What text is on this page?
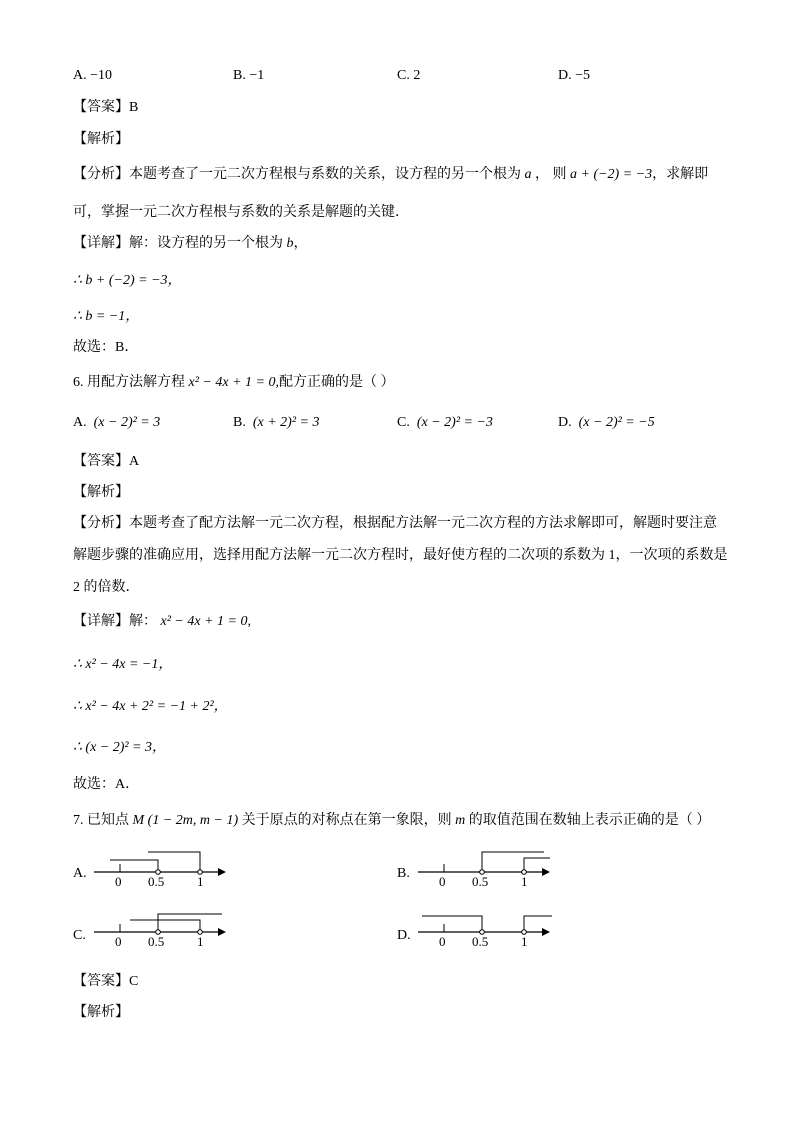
A. −10	B. −1	C. 2	D. −5
【答案】B
【解析】
【分析】本题考查了一元二次方程根与系数的关系，设方程的另一个根为 a ， 则 a + (−2) = −3，求解即
可，掌握一元二次方程根与系数的关系是解题的关键．
【详解】解：设方程的另一个根为 b，
∴ b + (−2) = −3，
∴ b = −1，
故选：B．
6. 用配方法解方程 x² − 4x + 1 = 0,配方正确的是（ ）
A. (x − 2)² = 3	B. (x + 2)² = 3	C. (x − 2)² = −3	D. (x − 2)² = −5
【答案】A
【解析】
【分析】本题考查了配方法解一元二次方程，根据配方法解一元二次方程的方法求解即可，解题时要注意
解题步骤的准确应用，选择用配方法解一元二次方程时，最好使方程的二次项的系数为 1，一次项的系数是
2 的倍数．
【详解】解： x² − 4x + 1 = 0,
∴ x² − 4x = −1，
∴ x² − 4x + 2² = −1 + 2²，
∴ (x − 2)² = 3，
故选：A．
7. 已知点 M (1 − 2m, m − 1) 关于原点的对称点在第一象限，则 m 的取值范围在数轴上表示正确的是（ ）
A.
0 0.5	1
B.
0 0.5	1
C. 0 0.5	1	D. 0 0.5	1
【答案】C
【解析】
